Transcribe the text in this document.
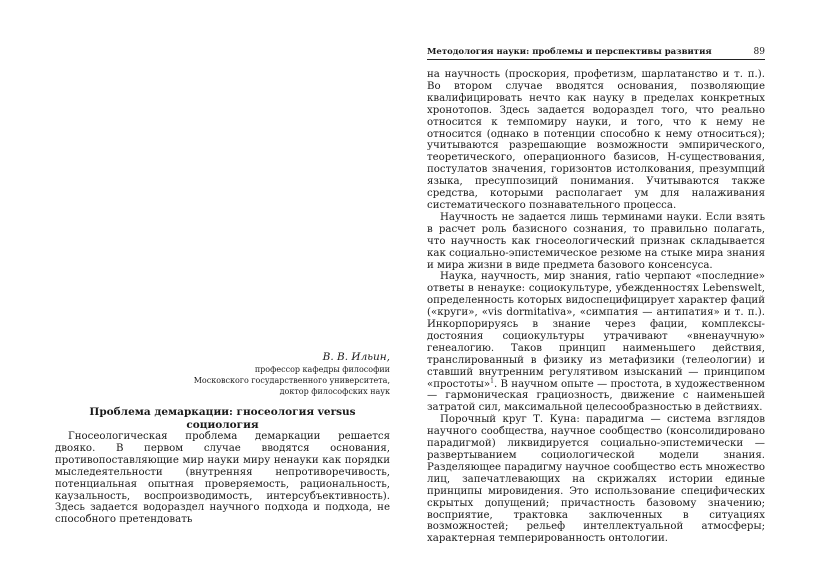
В. В. Ильин,
профессор кафедры философии
Московского государственного университета,
доктор философских наук
Проблема демаркации: гносеология versus социология

Гносеологическая проблема демаркации решается двояко. В первом случае вводятся основания, противопоставляющие мир науки миру ненауки как порядки мыследеятельности (внутренняя непротиворечивость, потенциальная опытная проверяемость, рациональность, каузальность, воспроизводимость, интерсубъективность). Здесь задается водораздел научного подхода и подхода, не способного претендовать

Методология науки: проблемы и перспективы развития	89

на научность (проскория, профетизм, шарлатанство и т. п.). Во втором случае вводятся основания, позволяющие квалифицировать нечто как науку в пределах конкретных хронотопов. Здесь задается водораздел того, что реально относится к темпомиру науки, и того, что к нему не относится (однако в потенции способно к нему относиться); учитываются разрешающие возможности эмпирического, теоретического, операционного базисов, Н-существования, постулатов значения, горизонтов истолкования, презумпций языка, пресуппозиций понимания. Учитываются также средства, которыми располагает ум для налаживания систематического познавательного процесса.

Научность не задается лишь терминами науки. Если взять в расчет роль базисного сознания, то правильно полагать, что научность как гносеологический признак складывается как социально-эпистемическое резюме на стыке мира знания и мира жизни в виде предмета базового консенсуса.

Наука, научность, мир знания, ratio черпают «последние» ответы в ненауке: социокультуре, убежденностях Lebenswelt, определенность которых видоспецифицирует характер фаций («круги», «vis dormitativa», «симпатия — антипатия» и т. п.). Инкорпорируясь в знание через фации, комплексы-достояния социокультуры утрачивают «вненаучную» генеалогию. Таков принцип наименьшего действия, транслированный в физику из метафизики (телеологии) и ставший внутренним регулятивом изысканий — принципом «простоты»$^1$. В научном опыте — простота, в художественном — гармоническая грациозность, движение с наименьшей затратой сил, максимальной целесообразностью в действиях.

Порочный круг Т. Куна: парадигма — система взглядов научного сообщества, научное сообщество (консолидировано парадигмой) ликвидируется социально-эпистемически — развертыванием социологической модели знания. Разделяющее парадигму научное сообщество есть множество лиц, запечатлевающих на скрижалях истории единые принципы мировидения. Это использование специфических скрытых допущений; причастность базовому значению; восприятие, трактовка заключенных в ситуациях возможностей; рельеф интеллектуальной атмосферы; характерная темперированность онтологии.
